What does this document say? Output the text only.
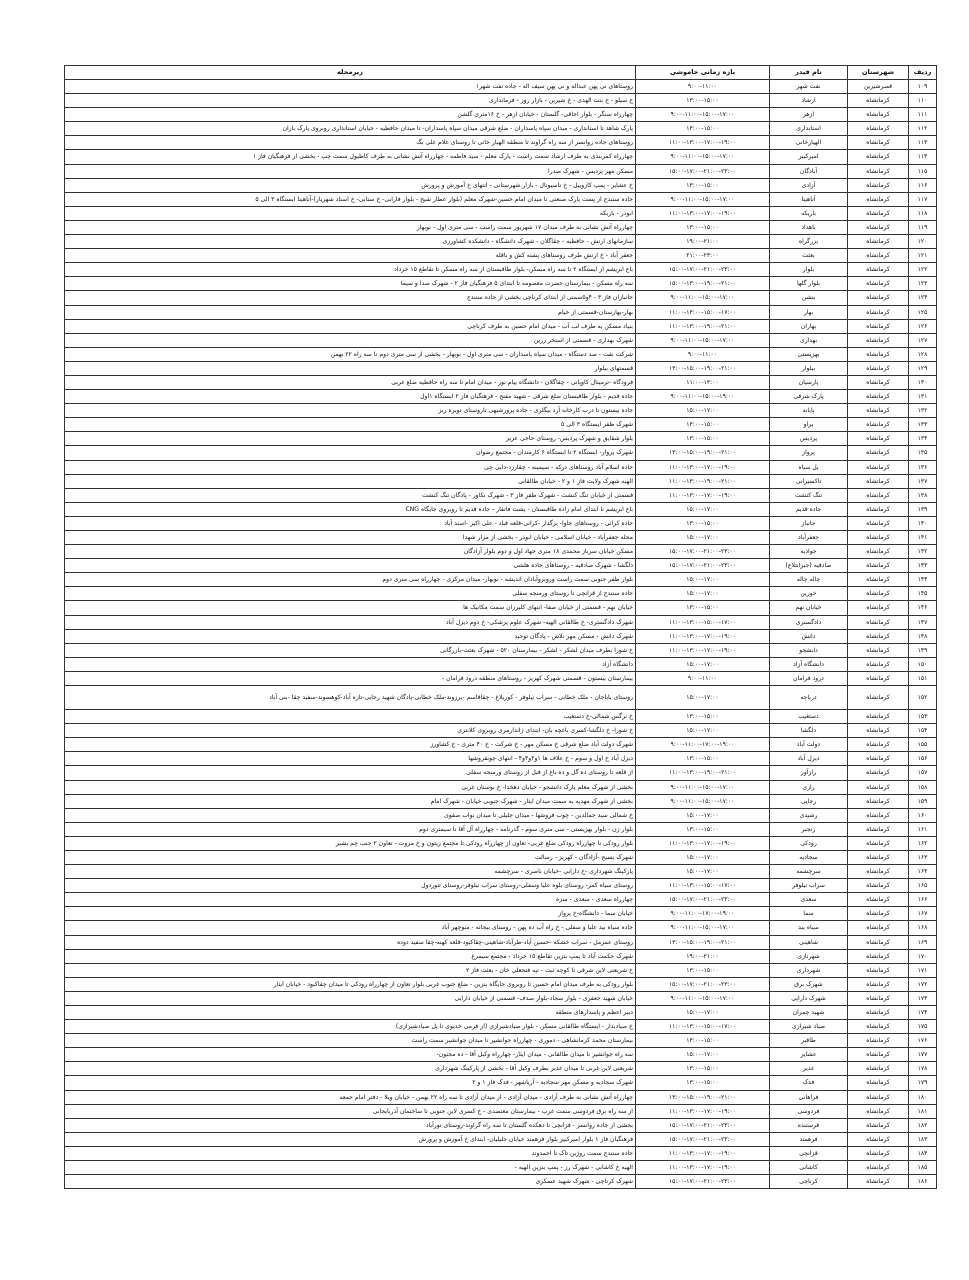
ردیف	شهرستان	نام فیدر	بازه زمانی خاموشی	زیرمحله
۱۰۹	قصرشیرین	نفت شهر	۹:۰۰-۱۱:۰۰	روستاهای نی پهن عبداله و نی پهن سیف اله - جاده نفت شهر۱
۱۱۰	کرمانشاه	ارشاد	۱۳:۰۰-۱۵:۰۰	خ سیلو - خ بنت الهدی - خ شیرین - بازار روز - فرمانداری
۱۱۱	کرمانشاه	ازهر	۹:۰۰-۱۱:۰۰-۱۵:۰۰-۱۷:۰۰	چهارراه سنگر - بلوار اجاقی- گلستان - خیابان ازهر - خ ۱۶متری گلشن
۱۱۲	کرمانشاه	استانداری	۱۳:۰۰-۱۵:۰۰	پارک شاهد تا استانداری - میدان سپاه پاسداران - ضلع شرقی میدان سپاه پاسداران- تا میدان حافظیه - خیابان استانداری روبروی پارک باران
۱۱۳	کرمانشاه	الهیارخانی	۱۱:۰۰-۱۳:۰۰-۱۷:۰۰-۱۹:۰۰	روستاهای جاده روانسر از سه راه گراوند تا منطقه الهیار خانی تا روستای غلام علی بگ
۱۱۴	کرمانشاه	امیرکبیر	۹:۰۰-۱۱:۰۰-۱۵:۰۰-۱۷:۰۰	چهارراه کمربندی به طرف ارشاد سمت راست - پارک معلم - سید فاطمه - چهارراه آتش نشانی به طرف کاظیول سمت چپ - بخشی از فرهنگیان فاز ۱
۱۱۵	کرمانشاه	آبادگان	۱۵:۰۰-۱۷:۰۰-۲۱:۰۰-۲۳:۰۰	مسکن مهر پردیس - شهرک صدرا
۱۱۶	کرمانشاه	آزادی	۱۳:۰۰-۱۵:۰۰	خ عشایر - پمپ کازوییل - خ تاسیونال - بازار شهرستانی - انتهای خ آموزش و پرورش
۱۱۷	کرمانشاه	آناهیتا	۹:۰۰-۱۱:۰۰-۱۵:۰۰-۱۷:۰۰	جاده سنندج از پست پارک صنعتی تا میدان امام حسین-شهرک معلم (بلوار عطار شیخ - بلوار فارابی- خ ستایی- خ استاد شهریار)-آناهیتا ایستگاه ۳ الی ۵
۱۱۸	کرمانشاه	باریکه	۱۱:۰۰-۱۳:۰۰-۱۷:۰۰-۱۹:۰۰	ابوذر - باریکه
۱۱۹	کرمانشاه	باهداد	۱۳:۰۰-۱۵:۰۰	چهارراه آتش نشانی به طرف میدان ۱۷ شهریور سمت راست - سی متری اول - نوبهار
۱۲۰	کرمانشاه	بزرگراه	۱۹:۰۰-۲۱:۰۰	سازمانهای ارتش - حافظیه - چقاگلان - شهرک دانشگاه - دانشکده کشاورزی
۱۲۱	کرمانشاه	بعثت	۲۱:۰۰-۲۳:۰۰	جعفر آباد - خ ارتش طرف روستاهای پشته کش و باقله
۱۲۲	کرمانشاه	بلوار	۱۵:۰۰-۱۷:۰۰-۲۱:۰۰-۲۳:۰۰	باغ ابریشم از ایستگاه ۲ تا سه راه مسکن- بلوار طاقبستان از سه راه مسکن تا تقاطع ۱۵ خرداد
۱۲۳	کرمانشاه	بلوار گلها	۱۵:۰۰-۱۳:۰۰-۱۹:۰۰-۲۱:۰۰	سه راه مسکن - بیمارستان حضرت معصومه تا ابتدای ۵ فرهنگیان فاز ۲ - شهرک صدا و سیما
۱۲۴	کرمانشاه	بنشن	۹:۰۰-۱۱:۰۰-۱۵:۰۰-۱۷:۰۰	جانبازان فاز ۳ - ۴و۵سمتی از ابتدای کرناچی بخشی از جاده سنندج
۱۲۵	کرمانشاه	بهار	۱۱:۰۰-۱۳:۰۰-۱۵:۰۰-۱۷:۰۰	بهار-بهارستان-قسمتی از خیام
۱۲۶	کرمانشاه	بهاران	۱۱:۰۰-۱۳:۰۰-۱۹:۰۰-۲۱:۰۰	بنیاد مسکن به طرف لب آب - میدان امام حسین به طرف کرناچی
۱۲۷	کرمانشاه	بهداری	۹:۰۰-۱۱:۰۰-۱۵:۰۰-۱۷:۰۰	شهرک بهداری - قسمتی از استخر زرین
۱۲۸	کرمانشاه	بهزیستی	۹:۰۰-۱۱:۰۰	شرکت نفت - صد دستگاه - میدان سپاه پاسداران - سی متری اول - نوبهار - بخشی از سی متری دوم تا سه راه ۲۲ بهمن
۱۲۹	کرمانشاه	بیلوار	۱۳:۰۰-۱۵:۰۰-۱۹:۰۰-۲۱:۰۰	قسمتهای بیلوار
۱۳۰	کرمانشاه	پارسیان	۱۱:۰۰-۱۳:۰۰	فرودگاه -ترمینال کاوپانی - چقاگلان - دانشگاه پیام نور - میدان امام تا سه راه حافظیه ضلع غربی
۱۳۱	کرمانشاه	پارک شرقی	۹:۰۰-۱۱:۰۰-۱۵:۰۰-۱۹:۰۰	جاده قدیم - بلوار طاقبستان ضلع شرقی - شهید مفتح - فرهنگیان فاز ۲ ایستگاه ۱اول
۱۳۲	کرمانشاه	پایانه	۱۵:۰۰-۱۷:۰۰	جاده بیستون تا درب کارخانه آرد بیگلری - جاده پرورشیهی تاروستای تویره ریز
۱۳۳	کرمانشاه	پراو	۱۳:۰۰-۱۵:۰۰	شهرک ظفر ایستگاه ۳ الی ۵
۱۳۴	کرمانشاه	پردیس	۱۳:۰۰-۱۵:۰۰	بلوار شقایق و شهرک پردیس- روستای حاجی عزیز
۱۳۵	کرمانشاه	پرواز	۱۳:۰۰-۱۵:۰۰-۱۹:۰۰-۲۱:۰۰	شهرک پرواز- ایستگاه ۲ تا ایستگاه ۶ کارمندان - مجتمع رضوان
۱۳۶	کرمانشاه	پل سیاه	۱۱:۰۰-۱۳:۰۰-۱۷:۰۰-۱۹:۰۰	جاده اسلام آباد روستاهای درکه - سیمینه - چقارزد-دایی چی
۱۳۷	کرمانشاه	تاکسیرانی	۱۱:۰۰-۱۳:۰۰-۱۹:۰۰-۲۱:۰۰	الهیه شهرک ولایت فاز ۱ و ۲ - خیابان طالقانی
۱۳۸	کرمانشاه	تنگ کنشت	۱۱:۰۰-۱۳:۰۰-۱۷:۰۰-۱۹:۰۰	قسمتی از خیابان تنگ کنشت - شهرک ظفر فاز ۳ - شهرک نکاور - پادگان تنگ کنشت
۱۳۹	کرمانشاه	جاده قدیم	۱۵:۰۰-۱۷:۰۰	باغ ابریشم تا ابتدای امام زاده طاقبستان - پشت فاتفار - جاده قدیم تا روبروی جایگاه CNG
۱۴۰	کرمانشاه	جانباز	۱۳:۰۰-۱۵:۰۰	جاده کرانی - روستاهای جاوا- بزگدار -کرانی-قلعه قباد - علی اکبر -اسند آباد
۱۴۱	کرمانشاه	جعفرآباد	۱۵:۰۰-۱۷:۰۰	محله جعفرآباد - خیابان اسلامی - خیابان ابوذر - بخشی از مزار شهدا
۱۴۲	کرمانشاه	جوادیه	۱۵:۰۰-۱۷:۰۰-۲۱:۰۰-۲۳:۰۰	مسکن خیابان سرباز محمدی ۱۸ متری جهاد اول و دوم بلوار آزادگان
۱۴۳	کرمانشاه	صادقیه (جبرانتلاع)	۱۵:۰۰-۱۷:۰۰-۲۱:۰۰-۲۳:۰۰	دلگشا - شهرک صادقیه - روستاهای جاده هلشی
۱۴۴	کرمانشاه	چاله چاله	۱۵:۰۰-۱۷:۰۰	بلوار ظفر جنوبی سمت راست وروبروآبادان اندیشه - نوبهار- میدان مرکزی - چهارراه سی متری دوم
۱۴۵	کرمانشاه	خورین	۱۵:۰۰-۱۷:۰۰	جاده سنندج از قزانچی تا روستای ورمنجه سفلی
۱۴۶	کرمانشاه	خیابان نهم	۱۳:۰۰-۱۵:۰۰	خیابان نهم - قسمتی از خیابان صفا- انتهای کلبرزان سمت مکانیک ها
۱۴۷	کرمانشاه	دادگستری	۱۱:۰۰-۱۳:۰۰-۱۵:۰۰-۱۷:۰۰	شهرک دادگستری- خ طالقانی الهیه- شهرک علوم پزشکی- خ دوم دیزل آباد
۱۴۸	کرمانشاه	دانش	۱۱:۰۰-۱۳:۰۰-۱۷:۰۰-۱۹:۰۰	شهرک دانش - مسکن مهر نلاش - پادگان توحید
۱۴۹	کرمانشاه	دانشجو	۱۱:۰۰-۱۳:۰۰-۱۷:۰۰-۱۹:۰۰	خ شورا بطرف میدان لشکر - لشکر - بیمارستان ۵۲۰ - شهرک بعثت-بازرگانی
۱۵۰	کرمانشاه	دانشگاه آزاد	۱۵:۰۰-۱۷:۰۰	دانشگاه آزاد
۱۵۱	کرمانشاه	درود فرامان	۹:۰۰-۱۱:۰۰	بیمارستان بیستون - قسمتی شهرک کهریز - روستاهای منطقه درود فرامان -
۱۵۲	کرمانشاه	دریاچه	۱۵:۰۰-۱۷:۰۰	روستای باباجان - ملک خطابی - سراب نیلوفر - کوریلاغ - چقاقاسم -برزوند-ملک خطابی-پادگان شهید رجایی-تازه آباد-کوهسوند-سفید چقا -بنی آباد
۱۵۳	کرمانشاه	دستغیب	۱۳:۰۰-۱۵:۰۰	خ نرگس شمالی-خ دستغیب
۱۵۴	کرمانشاه	دلگشا	۱۵:۰۰-۱۷:۰۰	خ شورا- خ دلگشا-کسری باغچه بان- ابتدای ژاندارمری روبروی کلانتری
۱۵۵	کرمانشاه	دولت آباد	۹:۰۰-۱۱:۰۰-۱۷:۰۰-۱۹:۰۰	شهرک دولت آباد ضلع شرقی خ مسکن مهر - خ شرکت - خ ۴۰ متری - خ کشاورز
۱۵۶	کرمانشاه	دیزل آباد	۱۳:۰۰-۱۵:۰۰	دیزل آباد خ اول و سوم - خ علاف ها ۱و۲و۳و۴ - انتهای چوبفروشها
۱۵۷	کرمانشاه	رازآور	۱۱:۰۰-۱۳:۰۰-۱۹:۰۰-۲۱:۰۰	از قلعه تا روستای ده گل و ده باغ از قبل از روستای ورمنجه سفلی
۱۵۸	کرمانشاه	رازی	۹:۰۰-۱۱:۰۰-۱۵:۰۰-۱۷:۰۰	بخشی از شهرک معلم پارک دانشجو - خیابان دهخدا- خ بوستان غربی
۱۵۹	کرمانشاه	رجایی	۹:۰۰-۱۱:۰۰-۱۵:۰۰-۱۷:۰۰	بخشی از شهرک مهدیه به سمت میدان ایثار - شهرک جنوبی خیابان - شهرک امام
۱۶۰	کرمانشاه	رشیدی	۱۵:۰۰-۱۷:۰۰	خ شمالی سید جمالدین - چوب فروشها - میدان جلیلی تا میدان نواب صفوی
۱۶۱	کرمانشاه	رنجبر	۱۳:۰۰-۱۵:۰۰	بلوار زن - بلوار بهزیستی - سی متری سوم - گذرنامه - چهارراه آل آقا تا سیمتری دوم
۱۶۲	کرمانشاه	رودکی	۱۱:۰۰-۱۳:۰۰-۱۷:۰۰-۱۹:۰۰	بلوار رودکی تا چهارراه رودکی ضلع غربی- تعاون از چهارراه رودکی تا مجتمع زیتون و خ مروت - تعاون ۲ جنب چم بشیر
۱۶۳	کرمانشاه	سجادیه	۱۵:۰۰-۱۷:۰۰	شهرک بسیج -آزادگان - کهریز - رسالت
۱۶۴	کرمانشاه	سرچشمه	۱۵:۰۰-۱۷:۰۰	پارکینگ شهرداری -خ دارایی -خیابان ناصری - سرچشمه
۱۶۵	کرمانشاه	سراب نیلوفر	۱۱:۰۰-۱۳:۰۰-۱۵:۰۰-۱۷:۰۰	روستای سیاه کمر- روستای بلوه علیا وسفلی-روستای سراب نیلوفر-روستای تتوردول
۱۶۶	کرمانشاه	سعدی	۱۵:۰۰-۱۷:۰۰-۲۱:۰۰-۲۳:۰۰	چهارراه سعدی - سعدی - منزه
۱۶۷	کرمانشاه	سما	۹:۰۰-۱۱:۰۰-۱۷:۰۰-۱۹:۰۰	خیابان سما - دانشگاه-خ پرواز
۱۶۸	کرمانشاه	سیاه بید	۹:۰۰-۱۱:۰۰-۱۵:۰۰-۱۷:۰۰	جاده سیاه بید علیا و سفلی - خ راه آب ده پهن - روستای بیجانه - منوچهر آباد
۱۶۹	کرمانشاه	شاهینی	۱۳:۰۰-۱۵:۰۰-۱۹:۰۰-۲۱:۰۰	روستای عمرمل - سراب خشکه -حسین آباد-ظرآباد-شاهینی-چقاکبود-قلعه کهنه-چقا سفید دوده
۱۷۰	کرمانشاه	شهرنازی	۱۹:۰۰-۲۱:۰۰	شهرک حکمت آباد تا پمپ بنزین تقاطع ۱۵ خرداد - مجتمع سیمرغ
۱۷۱	کرمانشاه	شهرداری	۱۳:۰۰-۱۵:۰۰	خ شریعتی لاین شرقی تا کوچه ثبت - تپه فتحعلی خان - بعثت فاز ۲
۱۷۲	کرمانشاه	شهرک برق	۱۵:۰۰-۱۷:۰۰-۲۱:۰۰-۲۳:۰۰	بلوار رودکی به طرف میدان امام حسین تا روبروی جایگاه بنزین - ضلع جنوب غربی بلوار تعاون از چهارراه رودکی تا میدان چقاکبود - خیابان ایثار
۱۷۳	کرمانشاه	شهرک دارایی	۹:۰۰-۱۱:۰۰-۱۵:۰۰-۱۷:۰۰	خیابان شهید جعفری - بلوار سجاد-بلوار صدف- قسمتی از خیابان دارایی
۱۷۴	کرمانشاه	شهید چمران	۱۵:۰۰-۱۷:۰۰	دبیر اعظم و پاسدارهای منطقه
۱۷۵	کرمانشاه	صیاد شیرازی	۱۱:۰۰-۱۳:۰۰-۱۵:۰۰-۱۷:۰۰	خ صیادبدار - ایستگاه طالقانی مسکن - بلوار صیادشیرازی (از فرمی خدیوی تا پل صیادشیرازی)
۱۷۶	کرمانشاه	طاقبر	۱۳:۰۰-۱۵:۰۰	بیمارستان محمد کرمانشاهی - دموری - چهارراه جوانشیر تا میدان جوانشیر سمت راست
۱۷۷	کرمانشاه	عشایر	۱۵:۰۰-۱۷:۰۰	سه راه جوانشیر تا میدان طالقانی - میدان ایثار- چهارراه وکیل آقا - ده مجنون-
۱۷۸	کرمانشاه	غدیر	۱۳:۰۰-۱۵:۰۰	شریعتی لاین غربی تا میدان غدیر بطرف وکیل آقا - بخشی از پارکینگ شهرداری
۱۷۹	کرمانشاه	فدک	۱۳:۰۰-۱۵:۰۰	شهرک سجادیه و مسکن مهر سجادیه - آریاشهر - فدک فاز ۱ و ۲
۱۸۰	کرمانشاه	فراهانی	۱۳:۰۰-۱۵:۰۰-۱۹:۰۰-۲۱:۰۰	چهارراه آتش نشانی به طرف آزادی - میدان آزادی - از میدان آزادی تا سه راه ۲۲ بهمن - خیابان ویلا - دفتر امام جمعه
۱۸۱	کرمانشاه	فردوسی	۱۱:۰۰-۱۳:۰۰-۱۷:۰۰-۱۹:۰۰	از سه راه برق فردوسی سمت غرب - بیمارستان معتضدی - خ کسری لاین جنوبی تا ساختمان آذربایجانی
۱۸۲	کرمانشاه	فرستنده	۱۵:۰۰-۱۷:۰۰-۲۱:۰۰-۲۳:۰۰	بخشی از جاده روانسر - قزانچی تا دهکده گلستان تا سه راه گراوند-روستای نورآباد
۱۸۳	کرمانشاه	فرهمند	۱۵:۰۰-۱۷:۰۰-۲۱:۰۰-۲۳:۰۰	فرهنگیان فاز ۱ بلوار امیرکبیر بلوار فرهمند خیابان جلیلیان- ابتدای خ آموزش و پرورش
۱۸۴	کرمانشاه	قزانچی	۱۱:۰۰-۱۳:۰۰-۱۷:۰۰-۱۹:۰۰	جاده سنندج سمت روژین تاک تا احمدوند
۱۸۵	کرمانشاه	کاشانی	۱۱:۰۰-۱۳:۰۰-۱۷:۰۰-۱۹:۰۰	الهیه خ کاشانی - شهرک رز - پمپ بنزین الهیه -
۱۸۶	کرمانشاه	کرناچی	۱۵:۰۰-۱۷:۰۰-۲۱:۰۰-۲۳:۰۰	شهرک کرناچی - شهرک شهید عسکری
